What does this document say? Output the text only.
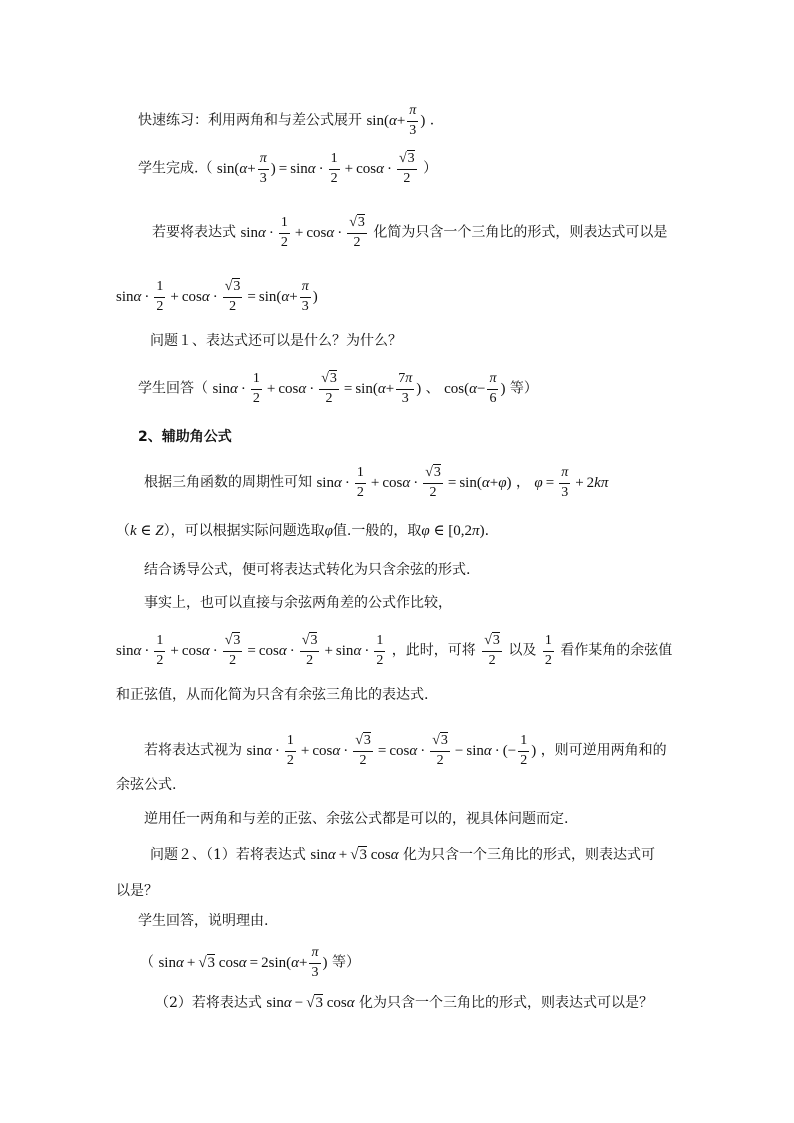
快速练习：利用两角和与差公式展开 $\sin(\alpha+ \frac{\pi}{3}$ ) .
学生完成.（ $\sin(\alpha+ \frac{\pi}{3}$ ) = $\sin\alpha \cdot \frac{1}{2} + \cos\alpha \cdot \frac{√3}{2}$ ）
若要将表达式 $\sin\alpha \cdot \frac{1}{2} + \cos\alpha \cdot \frac{√3}{2}$ 化简为只含一个三角比的形式，则表达式可以是
$\sin\alpha \cdot \frac{1}{2} + \cos\alpha \cdot \frac{√3}{2} = \sin(\alpha+ \frac{\pi}{3}$ )
问题１、表达式还可以是什么？为什么？
学生回答（ $\sin\alpha \cdot \frac{1}{2} + \cos\alpha \cdot \frac{√3}{2} = \sin(\alpha+ \frac{7\pi}{3}$ ) 、 $\cos(\alpha- \frac{\pi}{6}$ ) 等）
2、辅助角公式
根据三角函数的周期性可知 $\sin\alpha \cdot \frac{1}{2} + \cos\alpha \cdot \frac{√3}{2} = \sin(\alpha+\varphi)$ ， $\varphi = \frac{\pi}{3} + 2k\pi$
（k ∈ Z），可以根据实际问题选取φ值.一般的，取φ ∈ [0,2π).
结合诱导公式，便可将表达式转化为只含余弦的形式.
事实上，也可以直接与余弦两角差的公式作比较，
$\sin\alpha \cdot \frac{1}{2} + \cos\alpha \cdot \frac{√3}{2} = \cos\alpha \cdot \frac{√3}{2} + \sin\alpha \cdot \frac{1}{2}$ ，此时，可将 $\frac{√3}{2}$ 以及 $\frac{1}{2}$ 看作某角的余弦值
和正弦值，从而化简为只含有余弦三角比的表达式.
若将表达式视为 $\sin\alpha \cdot \frac{1}{2} + \cos\alpha \cdot \frac{√3}{2} = \cos\alpha \cdot \frac{√3}{2} - \sin\alpha$ · (− $\frac{1}{2}$ ) ，则可逆用两角和的
余弦公式.
逆用任一两角和与差的正弦、余弦公式都是可以的，视具体问题而定.
问题２、（1）若将表达式 sinα + √3 cosα 化为只含一个三角比的形式，则表达式可
以是？
学生回答，说明理由.
（ sinα + √3 $\cos\alpha = 2\sin(\alpha+ \frac{\pi}{3}$ ) 等）
（2）若将表达式 sinα − √3 cosα 化为只含一个三角比的形式，则表达式可以是？
